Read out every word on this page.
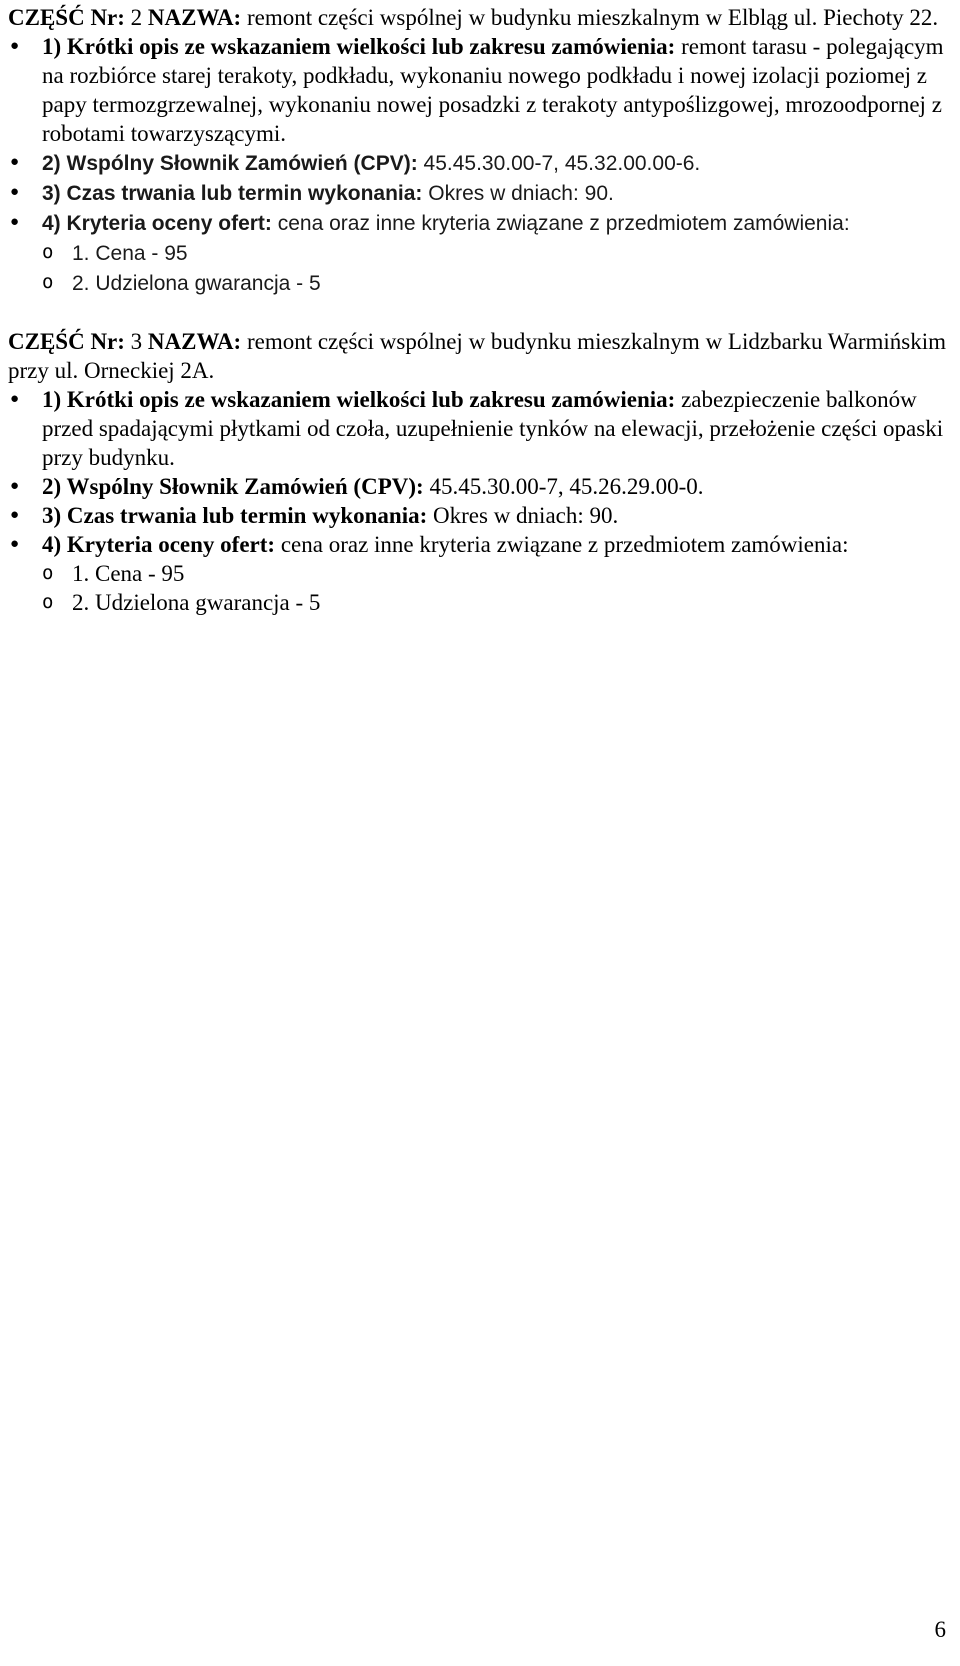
CZĘŚĆ Nr: 2 NAZWA: remont części wspólnej w budynku mieszkalnym w Elbląg ul. Piechoty 22.

● 1) Krótki opis ze wskazaniem wielkości lub zakresu zamówienia: remont tarasu - polegającym na rozbiórce starej terakoty, podkładu, wykonaniu nowego podkładu i nowej izolacji poziomej z papy termozgrzewalnej, wykonaniu nowej posadzki z terakoty antypoślizgowej, mrozoodpornej z robotami towarzyszącymi.
●	2) Wspólny Słownik Zamówień (CPV): 45.45.30.00-7, 45.32.00.00-6.
●	3) Czas trwania lub termin wykonania: Okres w dniach: 90.
●	4) Kryteria oceny ofert: cena oraz inne kryteria związane z przedmiotem zamówienia:
o 1. Cena - 95
o 2. Udzielona gwarancja - 5

CZĘŚĆ Nr: 3 NAZWA: remont części wspólnej w budynku mieszkalnym w Lidzbarku Warmińskim przy ul. Orneckiej 2A.

● 1) Krótki opis ze wskazaniem wielkości lub zakresu zamówienia: zabezpieczenie balkonów przed spadającymi płytkami od czoła, uzupełnienie tynków na elewacji, przełożenie części opaski przy budynku.
● 2) Wspólny Słownik Zamówień (CPV): 45.45.30.00-7, 45.26.29.00-0.
● 3) Czas trwania lub termin wykonania: Okres w dniach: 90.
● 4) Kryteria oceny ofert: cena oraz inne kryteria związane z przedmiotem zamówienia:
o 1. Cena - 95
o 2. Udzielona gwarancja - 5
6
